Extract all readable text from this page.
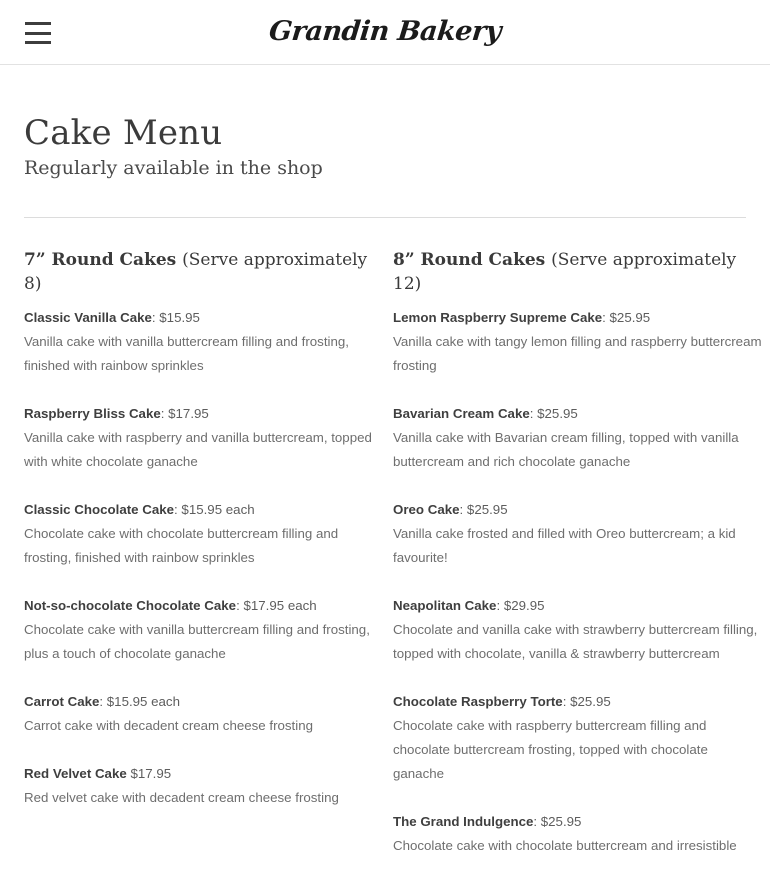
Grandin Bakery
Cake Menu

Regularly available in the shop

7” Round Cakes (Serve approximately 8)

Classic Vanilla Cake: $15.95

Vanilla cake with vanilla buttercream filling and frosting, finished with rainbow sprinkles

Raspberry Bliss Cake: $17.95

Vanilla cake with raspberry and vanilla buttercream, topped with white chocolate ganache

Classic Chocolate Cake: $15.95 each

Chocolate cake with chocolate buttercream filling and frosting, finished with rainbow sprinkles

Not-so-chocolate Chocolate Cake: $17.95 each

Chocolate cake with vanilla buttercream filling and frosting, plus a touch of chocolate ganache

Carrot Cake: $15.95 each

Carrot cake with decadent cream cheese frosting

Red Velvet Cake $17.95

Red velvet cake with decadent cream cheese frosting

8” Round Cakes (Serve approximately 12)

Lemon Raspberry Supreme Cake: $25.95

Vanilla cake with tangy lemon filling and raspberry buttercream frosting

Bavarian Cream Cake: $25.95

Vanilla cake with Bavarian cream filling, topped with vanilla buttercream and rich chocolate ganache

Oreo Cake: $25.95

Vanilla cake frosted and filled with Oreo buttercream; a kid favourite!

Neapolitan Cake: $29.95

Chocolate and vanilla cake with strawberry buttercream filling, topped with chocolate, vanilla & strawberry buttercream

Chocolate Raspberry Torte: $25.95

Chocolate cake with raspberry buttercream filling and chocolate buttercream frosting, topped with chocolate ganache

The Grand Indulgence: $25.95

Chocolate cake with chocolate buttercream and irresistible
